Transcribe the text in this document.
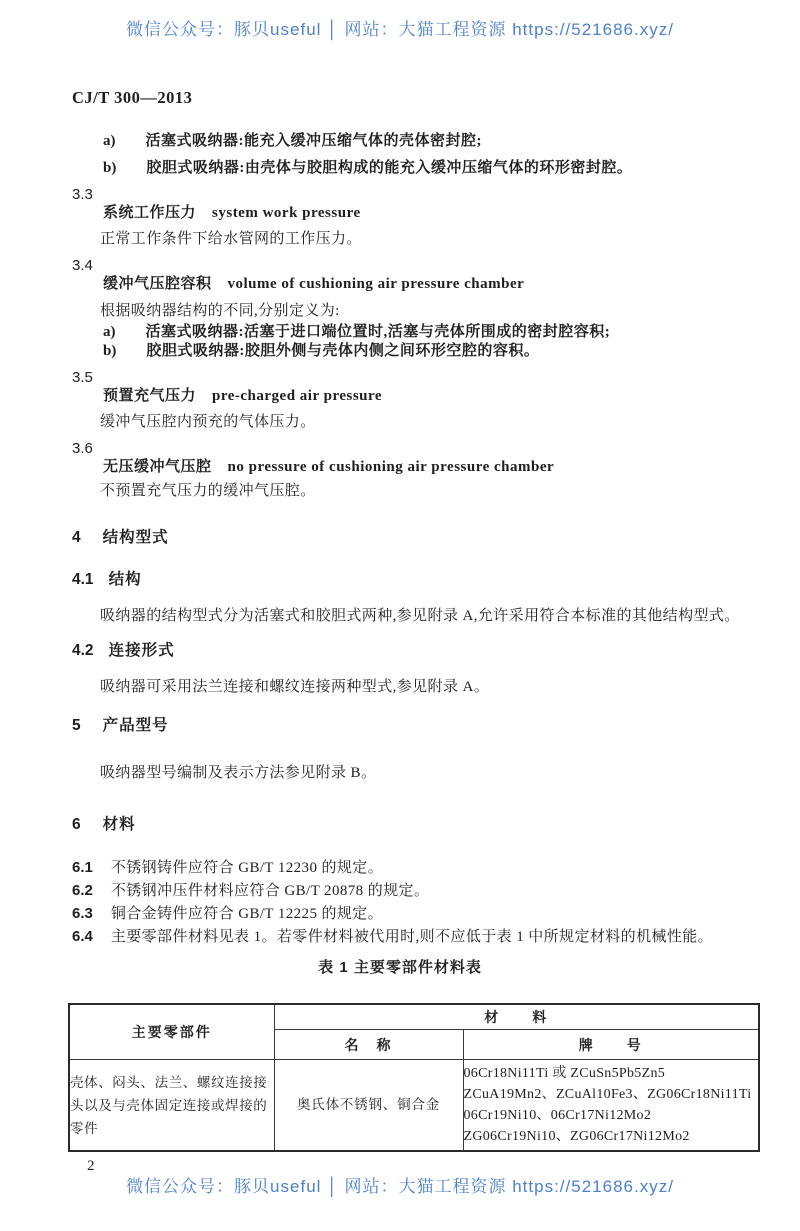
微信公众号：豚贝useful │ 网站：大猫工程资源 https://521686.xyz/
CJ/T 300—2013
a) 活塞式吸纳器:能充入缓冲压缩气体的壳体密封腔;
b) 胶胆式吸纳器:由壳体与胶胆构成的能充入缓冲压缩气体的环形密封腔。
3.3
系统工作压力 system work pressure
正常工作条件下给水管网的工作压力。
3.4
缓冲气压腔容积 volume of cushioning air pressure chamber
根据吸纳器结构的不同,分别定义为:
a) 活塞式吸纳器:活塞于进口端位置时,活塞与壳体所围成的密封腔容积;
b) 胶胆式吸纳器:胶胆外侧与壳体内侧之间环形空腔的容积。
3.5
预置充气压力 pre-charged air pressure
缓冲气压腔内预充的气体压力。
3.6
无压缓冲气压腔 no pressure of cushioning air pressure chamber
不预置充气压力的缓冲气压腔。
4 结构型式
4.1 结构
吸纳器的结构型式分为活塞式和胶胆式两种,参见附录 A,允许采用符合本标准的其他结构型式。
4.2 连接形式
吸纳器可采用法兰连接和螺纹连接两种型式,参见附录 A。
5 产品型号
吸纳器型号编制及表示方法参见附录 B。
6 材料
6.1 不锈钢铸件应符合 GB/T 12230 的规定。
6.2 不锈钢冲压件材料应符合 GB/T 20878 的规定。
6.3 铜合金铸件应符合 GB/T 12225 的规定。
6.4 主要零部件材料见表 1。若零件材料被代用时,则不应低于表 1 中所规定材料的机械性能。
表 1 主要零部件材料表
主要零部件	材　　料	
	名　称	牌　　号
壳体、闷头、法兰、螺纹连接接头以及与壳体固定连接或焊接的零件	奥氏体不锈钢、铜合金	06Cr18Ni11Ti 或 ZCuSn5Pb5Zn5
ZCuA19Mn2、ZCuAl10Fe3、ZG06Cr18Ni11Ti
06Cr19Ni10、06Cr17Ni12Mo2
ZG06Cr19Ni10、ZG06Cr17Ni12Mo2
2
微信公众号：豚贝useful │ 网站：大猫工程资源 https://521686.xyz/
